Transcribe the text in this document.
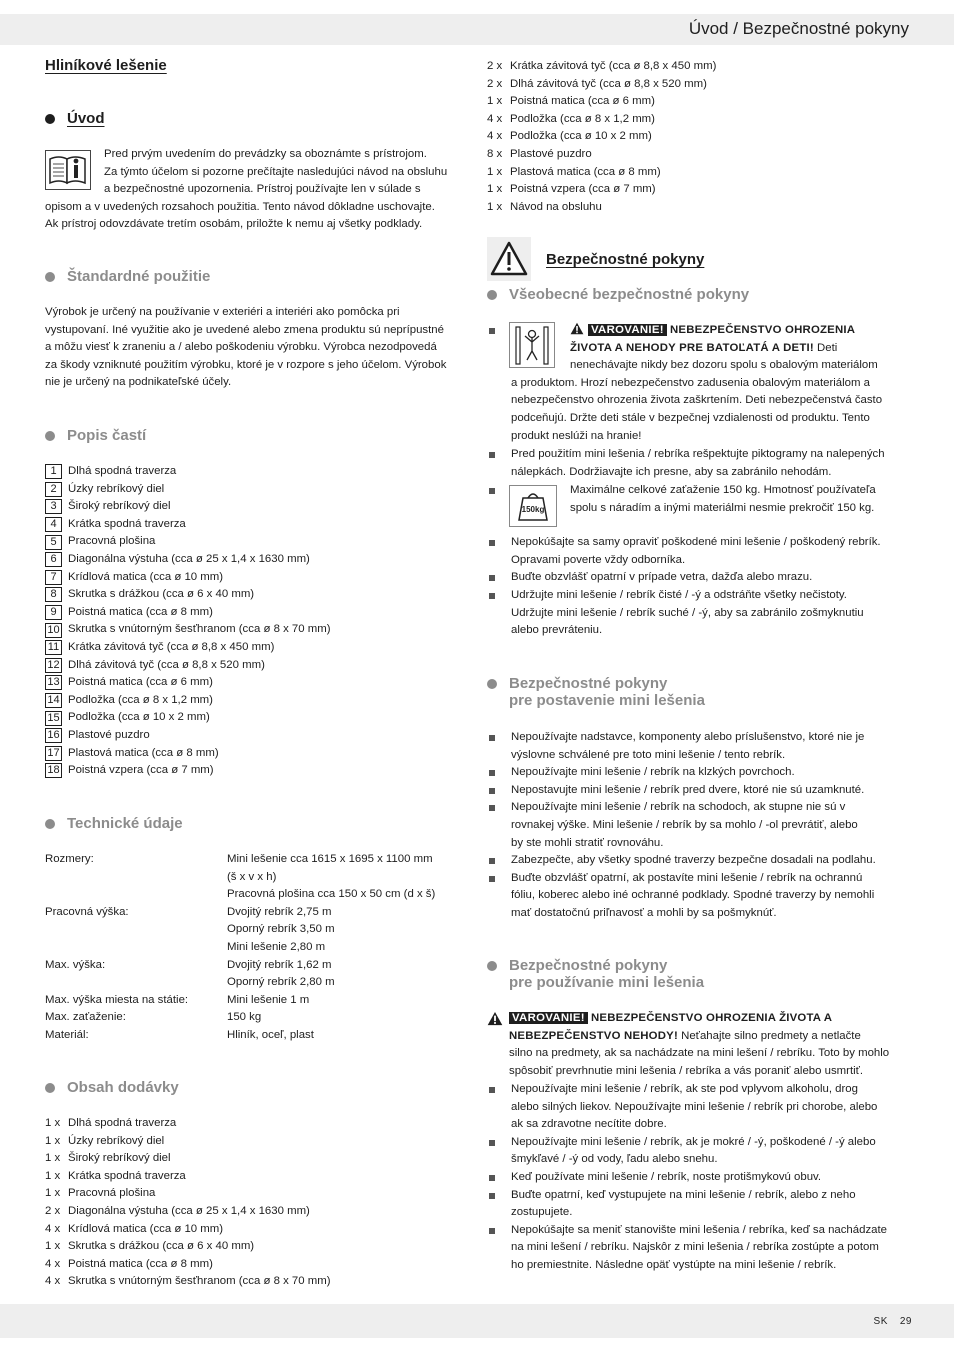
Úvod / Bezpečnostné pokyny
Hliníkové lešenie
Úvod

Pred prvým uvedením do prevádzky sa oboznámte s prístrojom.

Za týmto účelom si pozorne prečítajte nasledujúci návod na obsluhu

a bezpečnostné upozornenia. Prístroj používajte len v súlade s

opisom a v uvedených rozsahoch použitia. Tento návod dôkladne uschovajte.

Ak prístroj odovzdávate tretím osobám, priložte k nemu aj všetky podklady.

Štandardné použitie

Výrobok je určený na používanie v exteriéri a interiéri ako pomôcka pri

vystupovaní. Iné využitie ako je uvedené alebo zmena produktu sú neprípustné

a môžu viesť k zraneniu a / alebo poškodeniu výrobku. Výrobca nezodpovedá

za škody vzniknuté použitím výrobku, ktoré je v rozpore s jeho účelom. Výrobok

nie je určený na podnikateľské účely.

Popis častí
1	Dlhá spodná traverza
2	Úzky rebríkový diel
3	Široký rebríkový diel
4	Krátka spodná traverza
5	Pracovná plošina
6	Diagonálna výstuha (cca ø 25 x 1,4 x 1630 mm)
7	Krídlová matica (cca ø 10 mm)
8	Skrutka s drážkou (cca ø 6 x 40 mm)
9	Poistná matica (cca ø 8 mm)
10 Skrutka s vnútorným šesťhranom (cca ø 8 x 70 mm)
11 Krátka závitová tyč (cca ø 8,8 x 450 mm)
12 Dlhá závitová tyč (cca ø 8,8 x 520 mm)
13 Poistná matica (cca ø 6 mm)
14 Podložka (cca ø 8 x 1,2 mm)
15 Podložka (cca ø 10 x 2 mm)
16 Plastové puzdro
17 Plastová matica (cca ø 8 mm)
18 Poistná vzpera (cca ø 7 mm)
Technické údaje
Rozmery:	Mini lešenie cca 1615 x 1695 x 1100 mm
(š x v x h)
Pracovná plošina cca 150 x 50 cm (d x š)
Pracovná výška:	Dvojitý rebrík 2,75 m
Oporný rebrík 3,50 m
Mini lešenie 2,80 m
Max. výška:	Dvojitý rebrík 1,62 m
Oporný rebrík 2,80 m
Max. výška miesta na státie:	Mini lešenie 1 m
Max. zaťaženie:	150 kg
Materiál:	Hliník, oceľ, plast
Obsah dodávky
1 x Dlhá spodná traverza
1 x Úzky rebríkový diel
1 x Široký rebríkový diel
1 x Krátka spodná traverza
1 x Pracovná plošina
2 x Diagonálna výstuha (cca ø 25 x 1,4 x 1630 mm)
4 x Krídlová matica (cca ø 10 mm)
1 x Skrutka s drážkou (cca ø 6 x 40 mm)
4 x Poistná matica (cca ø 8 mm)
4 x Skrutka s vnútorným šesťhranom (cca ø 8 x 70 mm)
2 x Krátka závitová tyč (cca ø 8,8 x 450 mm)
2 x Dlhá závitová tyč (cca ø 8,8 x 520 mm)
1 x Poistná matica (cca ø 6 mm)
4 x Podložka (cca ø 8 x 1,2 mm)
4 x Podložka (cca ø 10 x 2 mm)
8 x Plastové puzdro
1 x Plastová matica (cca ø 8 mm)
1 x Poistná vzpera (cca ø 7 mm)
1 x Návod na obsluhu
Bezpečnostné pokyny
Všeobecné bezpečnostné pokyny
VAROVANIE! NEBEZPEČENSTVO OHROZENIA
ŽIVOTA A NEHODY PRE BATOĽATÁ A DETI! Deti
nenechávajte nikdy bez dozoru spolu s obalovým materiálom
a produktom. Hrozí nebezpečenstvo zadusenia obalovým materiálom a
nebezpečenstvo ohrozenia života zaškrtením. Deti nebezpečenstvá často
podceňujú. Držte deti stále v bezpečnej vzdialenosti od produktu. Tento
produkt neslúži na hranie!
Pred použitím mini lešenia / rebríka rešpektujte piktogramy na nalepených
nálepkách. Dodržiavajte ich presne, aby sa zabránilo nehodám.
Maximálne celkové zaťaženie 150 kg. Hmotnosť používateľa
spolu s náradím a inými materiálmi nesmie prekročiť 150 kg.
150kg
Nepokúšajte sa samy opraviť poškodené mini lešenie / poškodený rebrík.
Opravami poverte vždy odborníka.
Buďte obzvlášť opatrní v prípade vetra, dažďa alebo mrazu.
Udržujte mini lešenie / rebrík čisté / -ý a odstráňte všetky nečistoty.
Udržujte mini lešenie / rebrík suché / -ý, aby sa zabránilo zošmyknutiu
alebo prevráteniu.
Bezpečnostné pokyny
pre postavenie mini lešenia
Nepoužívajte nadstavce, komponenty alebo príslušenstvo, ktoré nie je
výslovne schválené pre toto mini lešenie / tento rebrík.
Nepoužívajte mini lešenie / rebrík na klzkých povrchoch.
Nepostavujte mini lešenie / rebrík pred dvere, ktoré nie sú uzamknuté.
Nepoužívajte mini lešenie / rebrík na schodoch, ak stupne nie sú v
rovnakej výške. Mini lešenie / rebrík by sa mohlo / -ol prevrátiť, alebo
by ste mohli stratiť rovnováhu.
Zabezpečte, aby všetky spodné traverzy bezpečne dosadali na podlahu.
Buďte obzvlášť opatrní, ak postavíte mini lešenie / rebrík na ochrannú
fóliu, koberec alebo iné ochranné podklady. Spodné traverzy by nemohli
mať dostatočnú priľnavosť a mohli by sa pošmyknúť.
Bezpečnostné pokyny
pre používanie mini lešenia
VAROVANIE! NEBEZPEČENSTVO OHROZENIA ŽIVOTA A
NEBEZPEČENSTVO NEHODY! Neťahajte silno predmety a netlačte
silno na predmety, ak sa nachádzate na mini lešení / rebríku. Toto by mohlo
spôsobiť prevrhnutie mini lešenia / rebríka a vás poraniť alebo usmrtiť.
Nepoužívajte mini lešenie / rebrík, ak ste pod vplyvom alkoholu, drog
alebo silných liekov. Nepoužívajte mini lešenie / rebrík pri chorobe, alebo
ak sa zdravotne necítite dobre.
Nepoužívajte mini lešenie / rebrík, ak je mokré / -ý, poškodené / -ý alebo
šmykľavé / -ý od vody, ľadu alebo snehu.
Keď používate mini lešenie / rebrík, noste protišmykovú obuv.
Buďte opatrní, keď vystupujete na mini lešenie / rebrík, alebo z neho
zostupujete.
Nepokúšajte sa meniť stanovište mini lešenia / rebríka, keď sa nachádzate
na mini lešení / rebríku. Najskôr z mini lešenia / rebríka zostúpte a potom
ho premiestnite. Následne opäť vystúpte na mini lešenie / rebrík.
SK 29
